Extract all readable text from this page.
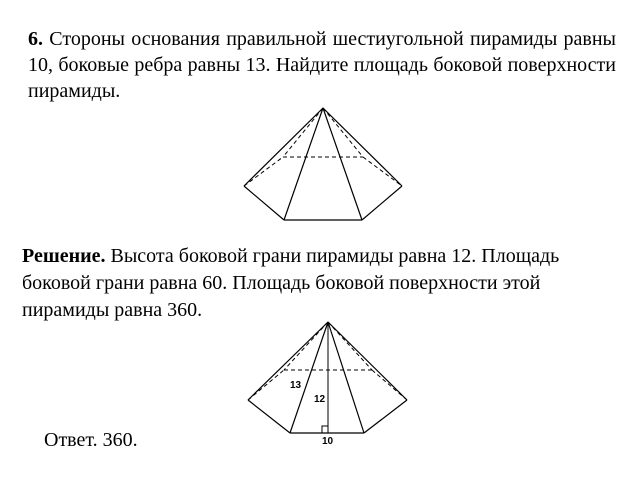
6. Стороны основания правильной шестиугольной пирамиды равны 10, боковые ребра равны 13. Найдите площадь боковой поверхности пирамиды.

Решение. Высота боковой грани пирамиды равна 12. Площадь боковой грани равна 60. Площадь боковой поверхности этой пирамиды равна 360.

13
12
10

Ответ. 360.
